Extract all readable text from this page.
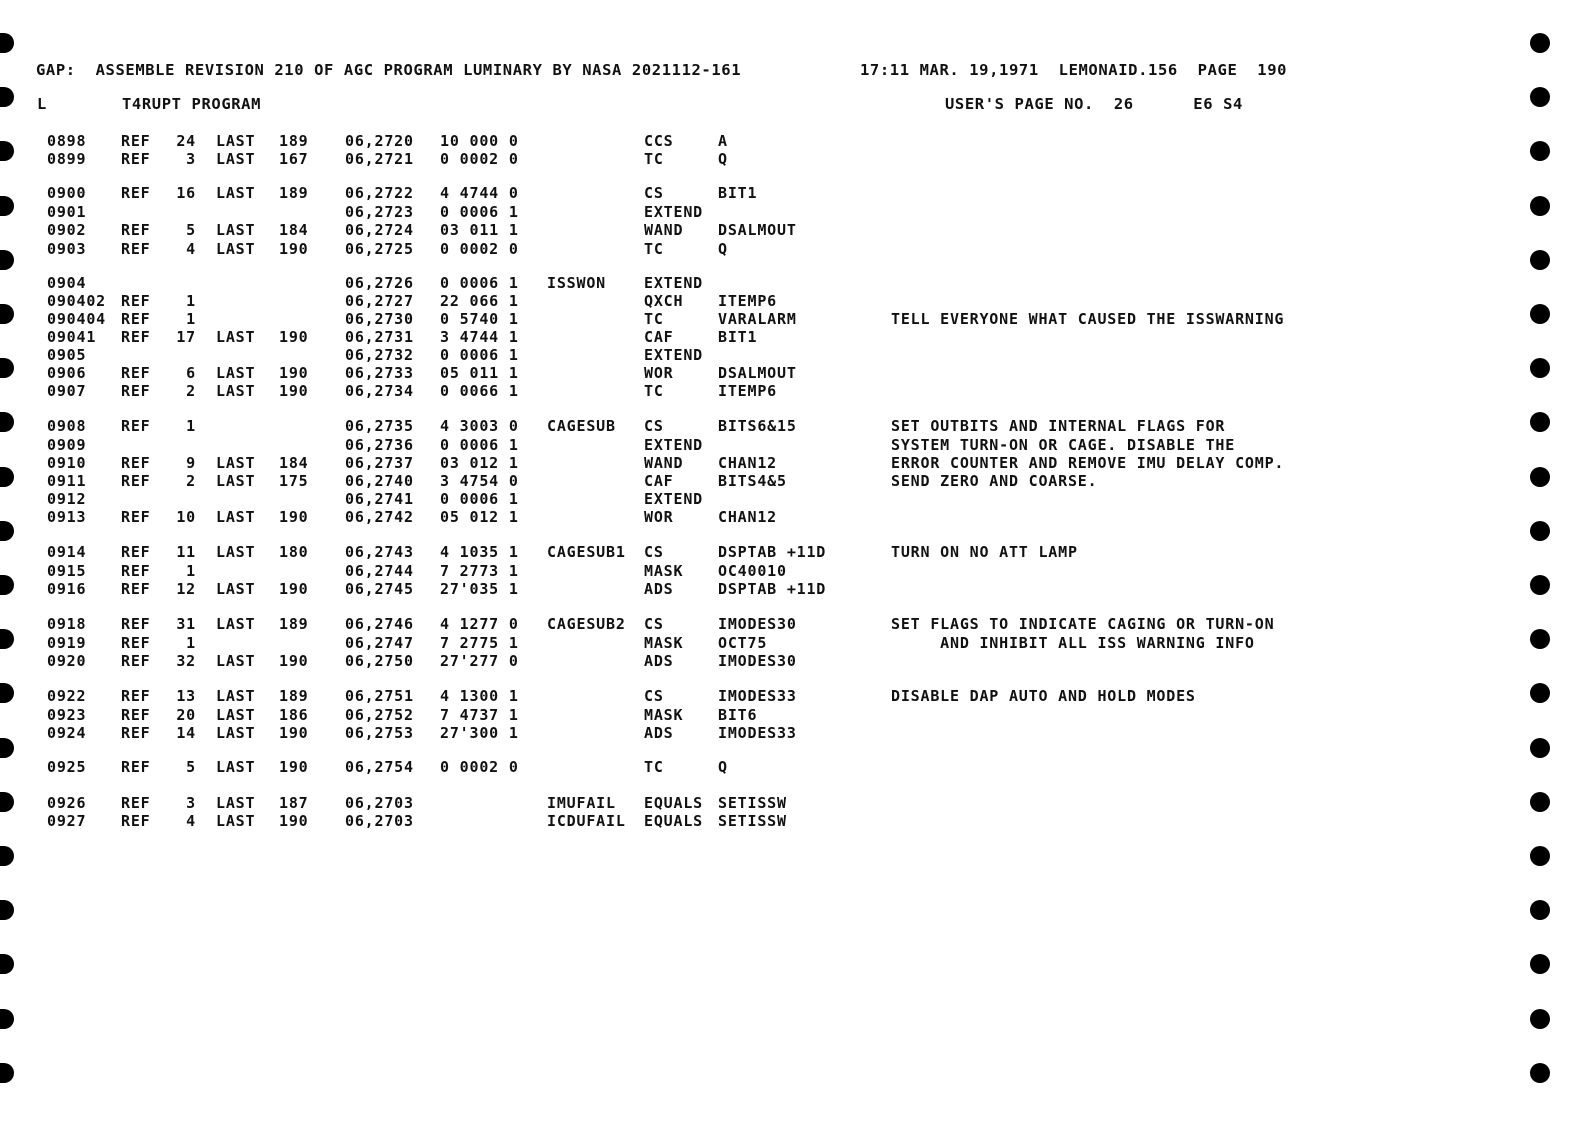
GAP:  ASSEMBLE REVISION 210 OF AGC PROGRAM LUMINARY BY NASA 2021112-161	17:11 MAR. 19,1971  LEMONAID.156  PAGE  190
L	T4RUPT PROGRAM	USER'S PAGE NO.  26      E6 S4
0898 REF 24 LAST 189 06,2720 10 000 0	CCS	A
0899 REF 3 LAST 167 06,2721 0 0002 0	TC	Q
0900 REF 16 LAST 189 06,2722 4 4744 0	CS	BIT1
0901	06,2723 0 0006 1	EXTEND
0902 REF 5 LAST 184 06,2724 03 011 1	WAND DSALMOUT
0903 REF 4 LAST 190 06,2725 0 0002 0	TC	Q
0904	06,2726 0 0006 1 ISSWON	EXTEND
090402 REF 1	06,2727 22 066 1	QXCH ITEMP6
090404 REF 1	06,2730 0 5740 1	TC	VARALARM	TELL EVERYONE WHAT CAUSED THE ISSWARNING
09041 REF 17 LAST 190 06,2731 3 4744 1	CAF	BIT1
0905	06,2732 0 0006 1	EXTEND
0906 REF 6 LAST 190 06,2733 05 011 1	WOR	DSALMOUT
0907 REF 2 LAST 190 06,2734 0 0066 1	TC	ITEMP6
0908 REF 1	06,2735 4 3003 0 CAGESUB CS	BITS6&15	SET OUTBITS AND INTERNAL FLAGS FOR
0909	06,2736 0 0006 1	EXTEND	SYSTEM TURN-ON OR CAGE. DISABLE THE
0910 REF 9 LAST 184 06,2737 03 012 1	WAND CHAN12	ERROR COUNTER AND REMOVE IMU DELAY COMP.
0911 REF 2 LAST 175 06,2740 3 4754 0	CAF	BITS4&5	SEND ZERO AND COARSE.
0912	06,2741 0 0006 1	EXTEND
0913 REF 10 LAST 190 06,2742 05 012 1	WOR	CHAN12
0914 REF 11 LAST 180 06,2743 4 1035 1 CAGESUB1 CS	DSPTAB +11D	TURN ON NO ATT LAMP
0915 REF 1	06,2744 7 2773 1	MASK OC40010
0916 REF 12 LAST 190 06,2745 27'035 1	ADS	DSPTAB +11D
0918 REF 31 LAST 189 06,2746 4 1277 0 CAGESUB2 CS	IMODES30	SET FLAGS TO INDICATE CAGING OR TURN-ON
0919 REF 1	06,2747 7 2775 1	MASK OCT75	AND INHIBIT ALL ISS WARNING INFO
0920 REF 32 LAST 190 06,2750 27'277 0	ADS	IMODES30
0922 REF 13 LAST 189 06,2751 4 1300 1	CS	IMODES33	DISABLE DAP AUTO AND HOLD MODES
0923 REF 20 LAST 186 06,2752 7 4737 1	MASK BIT6
0924 REF 14 LAST 190 06,2753 27'300 1	ADS	IMODES33
0925 REF 5 LAST 190 06,2754 0 0002 0	TC	Q
0926 REF 3 LAST 187 06,2703	IMUFAIL EQUALS SETISSW
0927 REF 4 LAST 190 06,2703	ICDUFAIL EQUALS SETISSW
